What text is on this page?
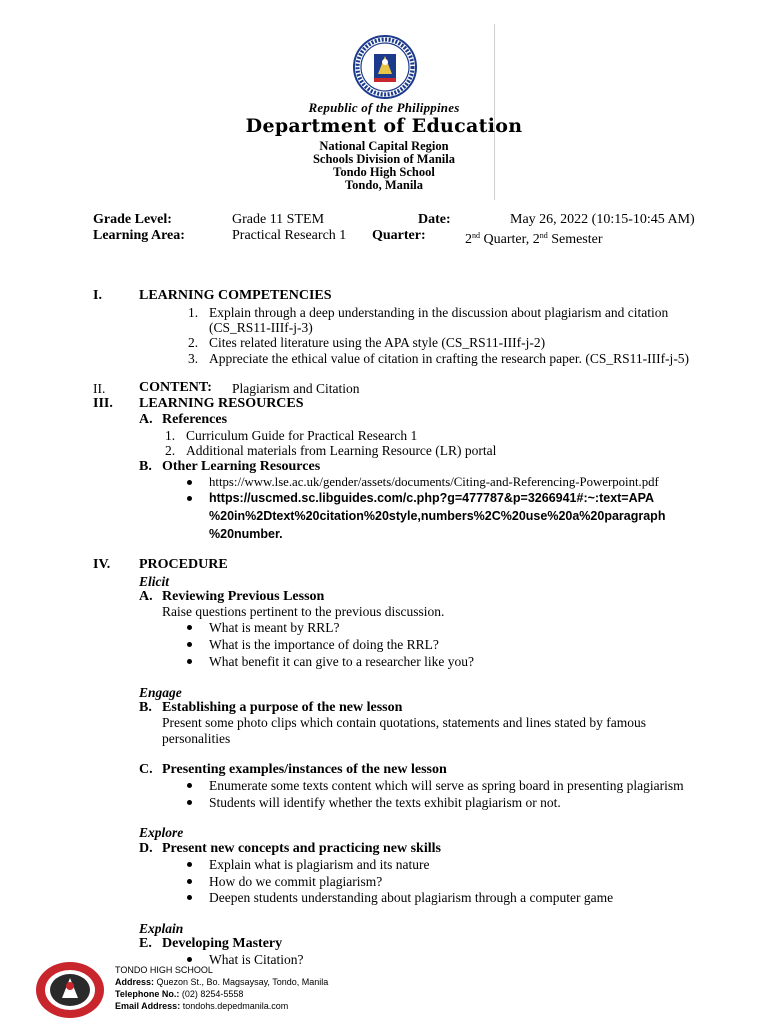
Republic of the Philippines
Department of Education
National Capital Region
Schools Division of Manila
Tondo High School
Tondo, Manila
Grade Level:	Grade 11 STEM	Date:	May 26, 2022 (10:15-10:45 AM)
Learning Area:	Practical Research 1 Quarter:	2nd Quarter, 2nd Semester
I.	LEARNING COMPETENCIES
1. Explain through a deep understanding in the discussion about plagiarism and citation
(CS_RS11-IIIf-j-3)
2. Cites related literature using the APA style (CS_RS11-IIIf-j-2)
3. Appreciate the ethical value of citation in crafting the research paper. (CS_RS11-IIIf-j-5)
II. CONTENT: Plagiarism and Citation
III. LEARNING RESOURCES
A. References
1. Curriculum Guide for Practical Research 1
2. Additional materials from Learning Resource (LR) portal
B. Other Learning Resources
https://www.lse.ac.uk/gender/assets/documents/Citing-and-Referencing-Powerpoint.pdf
https://uscmed.sc.libguides.com/c.php?g=477787&p=3266941#:~:text=APA
%20in%2Dtext%20citation%20style,numbers%2C%20use%20a%20paragraph
%20number.
IV. PROCEDURE
Elicit
A. Reviewing Previous Lesson
Raise questions pertinent to the previous discussion.
What is meant by RRL?
What is the importance of doing the RRL?
What benefit it can give to a researcher like you?
Engage
B. Establishing a purpose of the new lesson
Present some photo clips which contain quotations, statements and lines stated by famous
personalities
C. Presenting examples/instances of the new lesson
Enumerate some texts content which will serve as spring board in presenting plagiarism
Students will identify whether the texts exhibit plagiarism or not.
Explore
D. Present new concepts and practicing new skills
Explain what is plagiarism and its nature
How do we commit plagiarism?
Deepen students understanding about plagiarism through a computer game
Explain
E. Developing Mastery
What is Citation?
TONDO HIGH SCHOOL
Address: Quezon St., Bo. Magsaysay, Tondo, Manila
Telephone No.: (02) 8254-5558
Email Address: tondohs.depedmanila.com
